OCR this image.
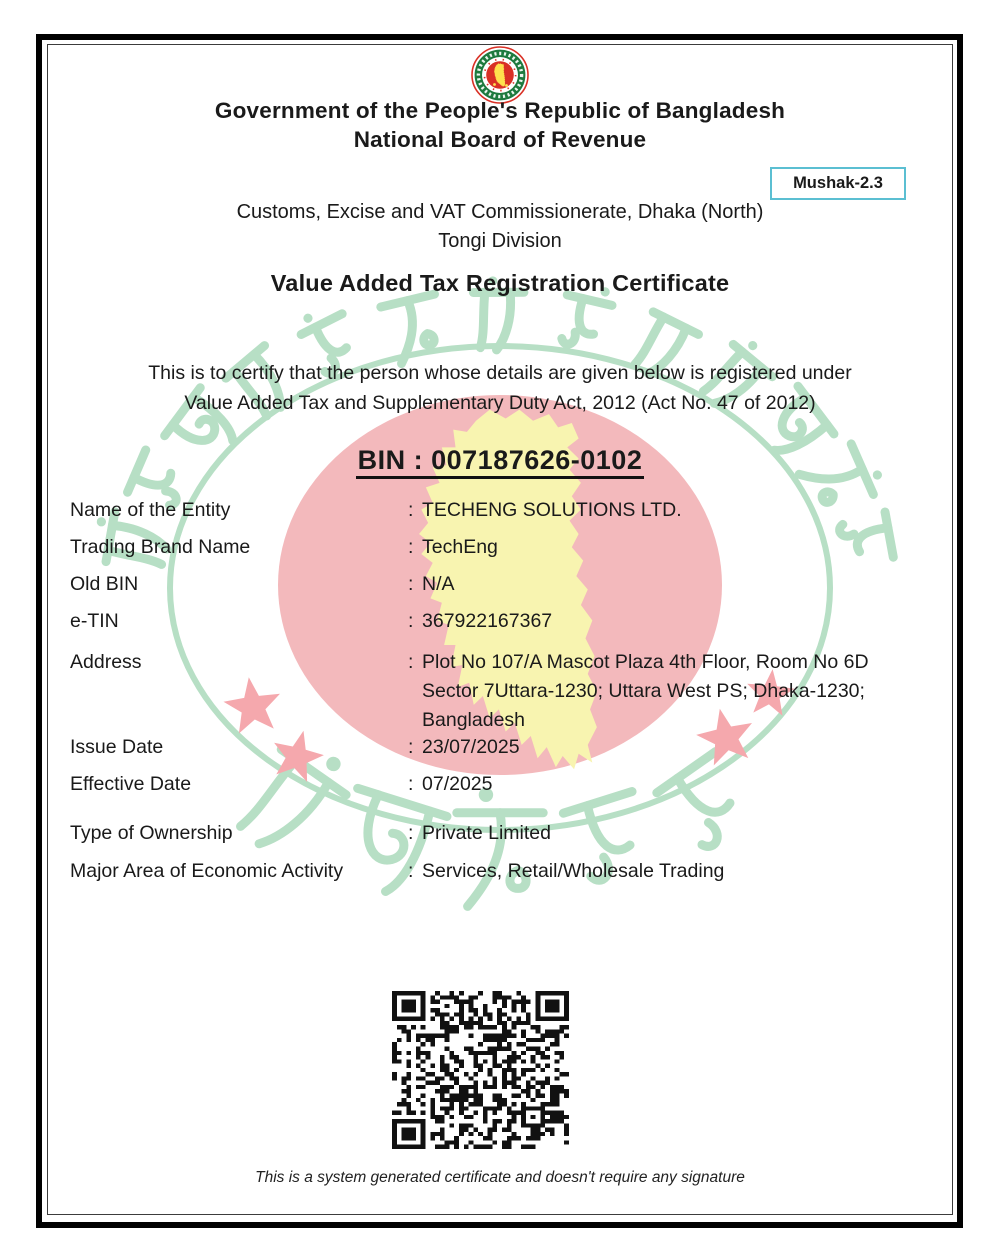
Government of the People's Republic of Bangladesh
National Board of Revenue
Mushak-2.3
Customs, Excise and VAT Commissionerate, Dhaka (North)
Tongi Division
Value Added Tax Registration Certificate
This is to certify that the person whose details are given below is registered under
Value Added Tax and Supplementary Duty Act, 2012 (Act No. 47 of 2012)
BIN : 007187626-0102
Name of the Entity	: TECHENG SOLUTIONS LTD.
Trading Brand Name	: TechEng
Old BIN	: N/A
e-TIN	: 367922167367
Address	: Plot No 107/A Mascot Plaza 4th Floor, Room No 6D
Sector 7Uttara-1230; Uttara West PS; Dhaka-1230;
Bangladesh
Issue Date	: 23/07/2025
Effective Date	: 07/2025
Type of Ownership	: Private Limited
Major Area of Economic Activity	: Services, Retail/Wholesale Trading
This is a system generated certificate and doesn't require any signature
